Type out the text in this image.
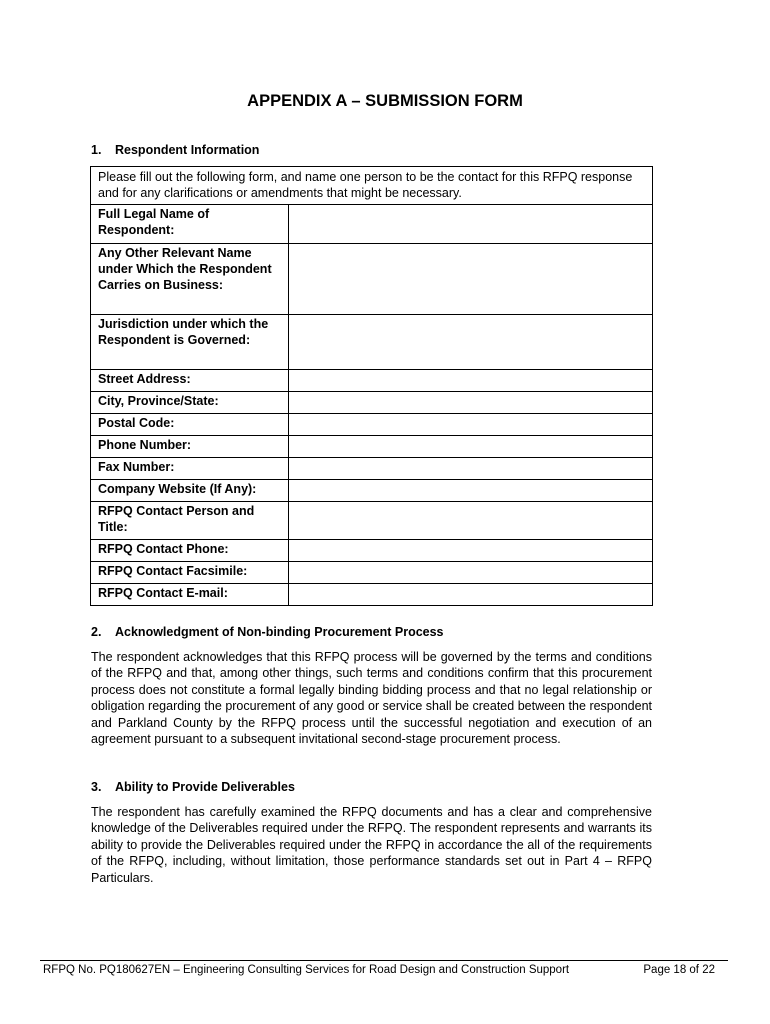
APPENDIX A – SUBMISSION FORM
1. Respondent Information
Please fill out the following form, and name one person to be the contact for this RFPQ response and for any clarifications or amendments that might be necessary.	
Full Legal Name of Respondent:	
Any Other Relevant Name under Which the Respondent Carries on Business:	
Jurisdiction under which the Respondent is Governed:	
Street Address:	
City, Province/State:	
Postal Code:	
Phone Number:	
Fax Number:	
Company Website (If Any):	
RFPQ Contact Person and Title:	
RFPQ Contact Phone:	
RFPQ Contact Facsimile:	
RFPQ Contact E-mail:	
2. Acknowledgment of Non-binding Procurement Process
The respondent acknowledges that this RFPQ process will be governed by the terms and conditions of the RFPQ and that, among other things, such terms and conditions confirm that this procurement process does not constitute a formal legally binding bidding process and that no legal relationship or obligation regarding the procurement of any good or service shall be created between the respondent and Parkland County by the RFPQ process until the successful negotiation and execution of an agreement pursuant to a subsequent invitational second-stage procurement process.
3. Ability to Provide Deliverables
The respondent has carefully examined the RFPQ documents and has a clear and comprehensive knowledge of the Deliverables required under the RFPQ. The respondent represents and warrants its ability to provide the Deliverables required under the RFPQ in accordance the all of the requirements of the RFPQ, including, without limitation, those performance standards set out in Part 4 – RFPQ Particulars.
RFPQ No. PQ180627EN – Engineering Consulting Services for Road Design and Construction Support	Page 18 of 22
